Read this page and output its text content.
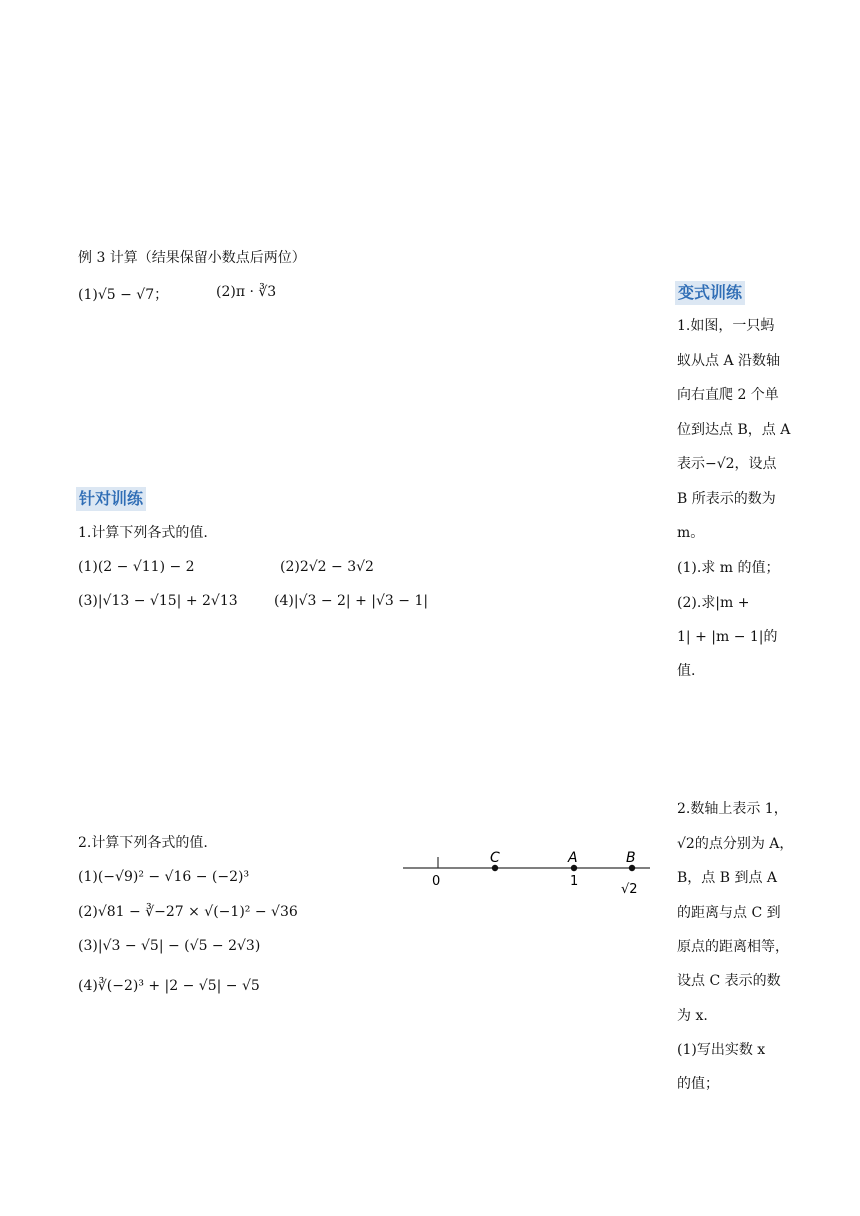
例 3 计算（结果保留小数点后两位）
(1)√5 − √7；	(2)π · ∛3
针对训练
1.计算下列各式的值.
(1)(2 − √11) − 2	(2)2√2 − 3√2
(3)|√13 − √15| + 2√13	(4)|√3 − 2| + |√3 − 1|
2.计算下列各式的值.
(1)(−√9)² − √16 − (−2)³
(2)√81 − ∛−27 × √(−1)² − √36
(3)|√3 − √5| − (√5 − 2√3)
(4)∛(−2)³ + |2 − √5| − √5
C	A	B
0	1
√2
变式训练
1.如图，一只蚂
蚁从点 A 沿数轴
向右直爬 2 个单
位到达点 B，点 A
表示−√2，设点
B 所表示的数为
m。
(1).求 m 的值；
(2).求|m +
1| + |m − 1|的
值.
2.数轴上表示 1，
√2的点分别为 A，
B，点 B 到点 A
的距离与点 C 到
原点的距离相等，
设点 C 表示的数
为 x.
(1)写出实数 x
的值；
